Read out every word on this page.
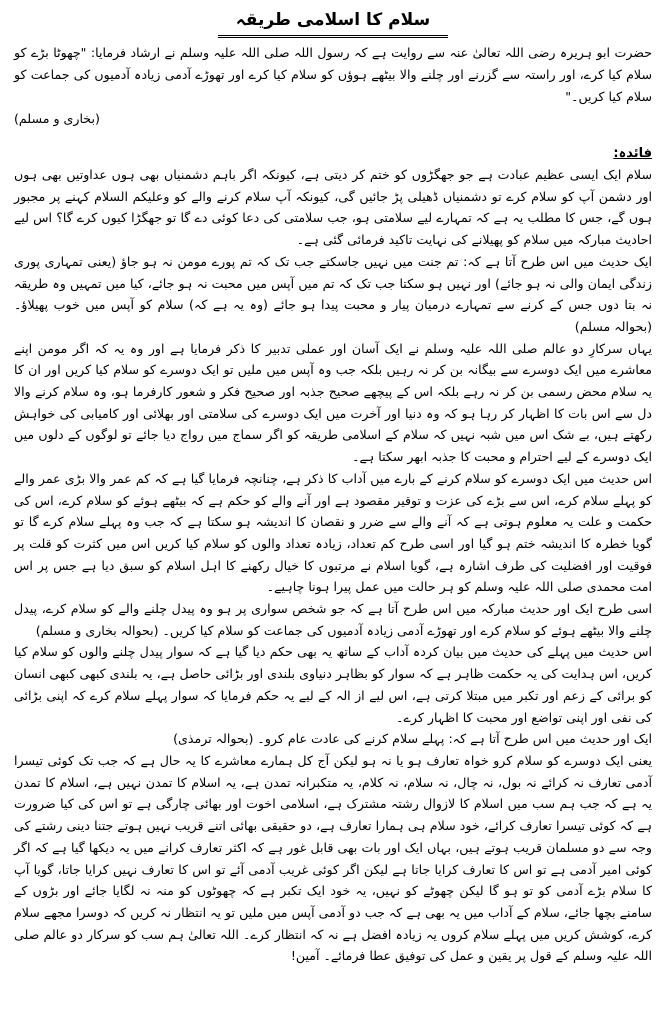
سلام کا اسلامی طریقہ

حضرت ابو ہریرہ رضی اللہ تعالیٰ عنہ سے روایت ہے کہ رسول اللہ صلی اللہ علیہ وسلم نے ارشاد فرمایا: "چھوٹا بڑے کو سلام کیا کرے، اور راستہ سے گزرنے اور چلنے والا بیٹھے ہوؤں کو سلام کیا کرے اور تھوڑے آدمی زیادہ آدمیوں کی جماعت کو سلام کیا کریں۔"

(بخاری و مسلم)

فائدہ:

سلام ایک ایسی عظیم عبادت ہے جو جھگڑوں کو ختم کر دیتی ہے، کیونکہ اگر باہم دشمنیاں بھی ہوں عداوتیں بھی ہوں اور دشمن آپ کو سلام کرے تو دشمنیاں ڈھیلی پڑ جائیں گی، کیونکہ آپ سلام کرنے والے کو وعلیکم السلام کہنے پر مجبور ہوں گے، جس کا مطلب یہ ہے کہ تمہارے لیے سلامتی ہو، جب سلامتی کی دعا کوئی دے گا تو جھگڑا کیوں کرے گا؟ اس لیے احادیث مبارکہ میں سلام کو پھیلانے کی نہایت تاکید فرمائی گئی ہے۔

ایک حدیث میں اس طرح آتا ہے کہ: تم جنت میں نہیں جاسکتے جب تک کہ تم پورے مومن نہ ہو جاؤ (یعنی تمہاری پوری زندگی ایمان والی نہ ہو جائے) اور نہیں ہو سکتا جب تک کہ تم میں آپس میں محبت نہ ہو جائے، کیا میں تمہیں وہ طریقہ نہ بتا دوں جس کے کرنے سے تمہارے درمیان پیار و محبت پیدا ہو جائے (وہ یہ ہے کہ) سلام کو آپس میں خوب پھیلاؤ۔ (بحوالہ مسلم)

یہاں سرکارِ دو عالم صلی اللہ علیہ وسلم نے ایک آسان اور عملی تدبیر کا ذکر فرمایا ہے اور وہ یہ کہ اگر مومن اپنے معاشرے میں ایک دوسرے سے بیگانہ بن کر نہ رہیں بلکہ جب وہ آپس میں ملیں تو ایک دوسرے کو سلام کیا کریں اور ان کا یہ سلام محض رسمی بن کر نہ رہے بلکہ اس کے پیچھے صحیح جذبہ اور صحیح فکر و شعور کارفرما ہو، وہ سلام کرنے والا دل سے اس بات کا اظہار کر رہا ہو کہ وہ دنیا اور آخرت میں ایک دوسرے کی سلامتی اور بھلائی اور کامیابی کی خواہش رکھتے ہیں، بے شک اس میں شبہ نہیں کہ سلام کے اسلامی طریقہ کو اگر سماج میں رواج دیا جائے تو لوگوں کے دلوں میں ایک دوسرے کے لیے احترام و محبت کا جذبہ ابھر سکتا ہے۔

اس حدیث میں ایک دوسرے کو سلام کرنے کے بارے میں آداب کا ذکر ہے، چنانچہ فرمایا گیا ہے کہ کم عمر والا بڑی عمر والے کو پہلے سلام کرے، اس سے بڑے کی عزت و توقیر مقصود ہے اور آنے والے کو حکم ہے کہ بیٹھے ہوئے کو سلام کرے، اس کی حکمت و علت یہ معلوم ہوتی ہے کہ آنے والے سے ضرر و نقصان کا اندیشہ ہو سکتا ہے کہ جب وہ پہلے سلام کرے گا تو گویا خطرہ کا اندیشہ ختم ہو گیا اور اسی طرح کم تعداد، زیادہ تعداد والوں کو سلام کیا کریں اس میں کثرت کو قلت پر فوقیت اور افضلیت کی طرف اشارہ ہے، گویا اسلام نے مرتبوں کا خیال رکھنے کا اہل اسلام کو سبق دیا ہے جس پر اس امت محمدی صلی اللہ علیہ وسلم کو ہر حالت میں عمل پیرا ہونا چاہیے۔

اسی طرح ایک اور حدیث مبارکہ میں اس طرح آتا ہے کہ جو شخص سواری پر ہو وہ پیدل چلنے والے کو سلام کرے، پیدل چلنے والا بیٹھے ہوئے کو سلام کرے اور تھوڑے آدمی زیادہ آدمیوں کی جماعت کو سلام کیا کریں۔ (بحوالہ بخاری و مسلم)

اس حدیث میں پہلے کی حدیث میں بیان کردہ آداب کے ساتھ یہ بھی حکم دیا گیا ہے کہ سوار پیدل چلنے والوں کو سلام کیا کریں، اس ہدایت کی یہ حکمت ظاہر ہے کہ سوار کو بظاہر دنیاوی بلندی اور بڑائی حاصل ہے، یہ بلندی کبھی کبھی انسان کو برائی کے زعم اور تکبر میں مبتلا کرتی ہے، اس لیے از الہ کے لیے یہ حکم فرمایا کہ سوار پہلے سلام کرے کہ اپنی بڑائی کی نفی اور اپنی تواضع اور محبت کا اظہار کرے۔

ایک اور حدیث میں اس طرح آتا ہے کہ: پہلے سلام کرنے کی عادت عام کرو۔ (بحوالہ ترمذی)

یعنی ایک دوسرے کو سلام کرو خواہ تعارف ہو یا نہ ہو لیکن آج کل ہمارے معاشرے کا یہ حال ہے کہ جب تک کوئی تیسرا آدمی تعارف نہ کرائے نہ بول، نہ چال، نہ سلام، نہ کلام، یہ متکبرانہ تمدن ہے، یہ اسلام کا تمدن نہیں ہے، اسلام کا تمدن یہ ہے کہ جب ہم سب میں اسلام کا لازوال رشتہ مشترک ہے، اسلامی اخوت اور بھائی چارگی ہے تو اس کی کیا ضرورت ہے کہ کوئی تیسرا تعارف کرائے، خود سلام ہی ہمارا تعارف ہے، دو حقیقی بھائی اتنے قریب نہیں ہوتے جتنا دینی رشتے کی وجہ سے دو مسلمان قریب ہوتے ہیں، بہاں ایک اور بات بھی قابل غور ہے کہ اکثر تعارف کرانے میں یہ دیکھا گیا ہے کہ اگر کوئی امیر آدمی ہے تو اس کا تعارف کرایا جاتا ہے لیکن اگر کوئی غریب آدمی آئے تو اس کا تعارف نہیں کرایا جاتا، گویا آپ کا سلام بڑے آدمی کو تو ہو گا لیکن چھوٹے کو نہیں، یہ خود ایک تکبر ہے کہ چھوٹوں کو منہ نہ لگایا جائے اور بڑوں کے سامنے بچھا جائے، سلام کے آداب میں یہ بھی ہے کہ جب دو آدمی آپس میں ملیں تو یہ انتظار نہ کریں کہ دوسرا مجھے سلام کرے، کوشش کریں میں پہلے سلام کروں یہ زیادہ افضل ہے نہ کہ انتظار کرے۔ اللہ تعالیٰ ہم سب کو سرکار دو عالم صلی اللہ علیہ وسلم کے قول پر یقین و عمل کی توفیق عطا فرمائے۔ آمین!
